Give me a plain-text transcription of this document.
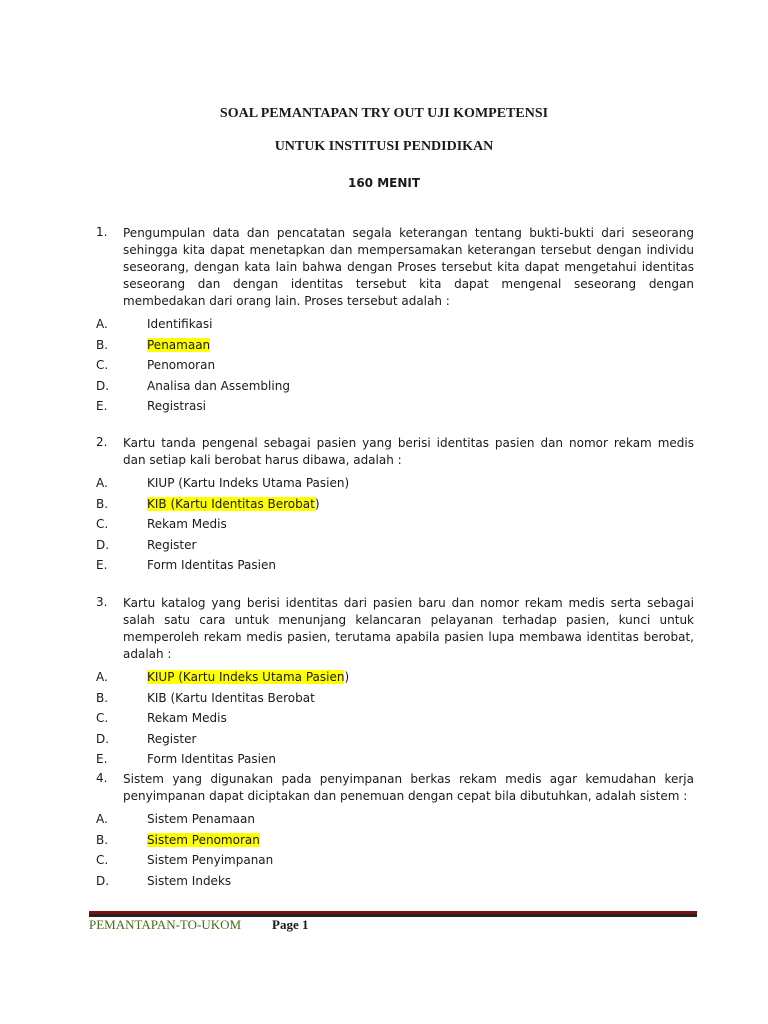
SOAL PEMANTAPAN TRY OUT UJI KOMPETENSI
UNTUK INSTITUSI PENDIDIKAN
160 MENIT
1.	Pengumpulan data dan pencatatan segala keterangan tentang bukti-bukti dari seseorang sehingga kita dapat menetapkan dan mempersamakan keterangan tersebut dengan individu seseorang, dengan kata lain bahwa dengan Proses tersebut kita dapat mengetahui identitas seseorang dan dengan identitas tersebut kita dapat mengenal seseorang dengan membedakan dari orang lain. Proses tersebut adalah :
A.	Identifikasi
B.	Penamaan
C.	Penomoran
D.	Analisa dan Assembling
E.	Registrasi
2.	Kartu tanda pengenal sebagai pasien yang berisi identitas pasien dan nomor rekam medis dan setiap kali berobat harus dibawa, adalah :
A.	KIUP (Kartu Indeks Utama Pasien)
B.	KIB (Kartu Identitas Berobat)
C.	Rekam Medis
D.	Register
E.	Form Identitas Pasien
3.	Kartu katalog yang berisi identitas dari pasien baru dan nomor rekam medis serta sebagai salah satu cara untuk menunjang kelancaran pelayanan terhadap pasien, kunci untuk memperoleh rekam medis pasien, terutama apabila pasien lupa membawa identitas berobat, adalah :
A.	KIUP (Kartu Indeks Utama Pasien)
B.	KIB (Kartu Identitas Berobat
C.	Rekam Medis
D.	Register
E.	Form Identitas Pasien
4.	Sistem yang digunakan pada penyimpanan berkas rekam medis agar kemudahan kerja penyimpanan dapat diciptakan dan penemuan dengan cepat bila dibutuhkan, adalah sistem :
A.	Sistem Penamaan
B.	Sistem Penomoran
C.	Sistem Penyimpanan
D.	Sistem Indeks
PEMANTAPAN-TO-UKOM Page 1
